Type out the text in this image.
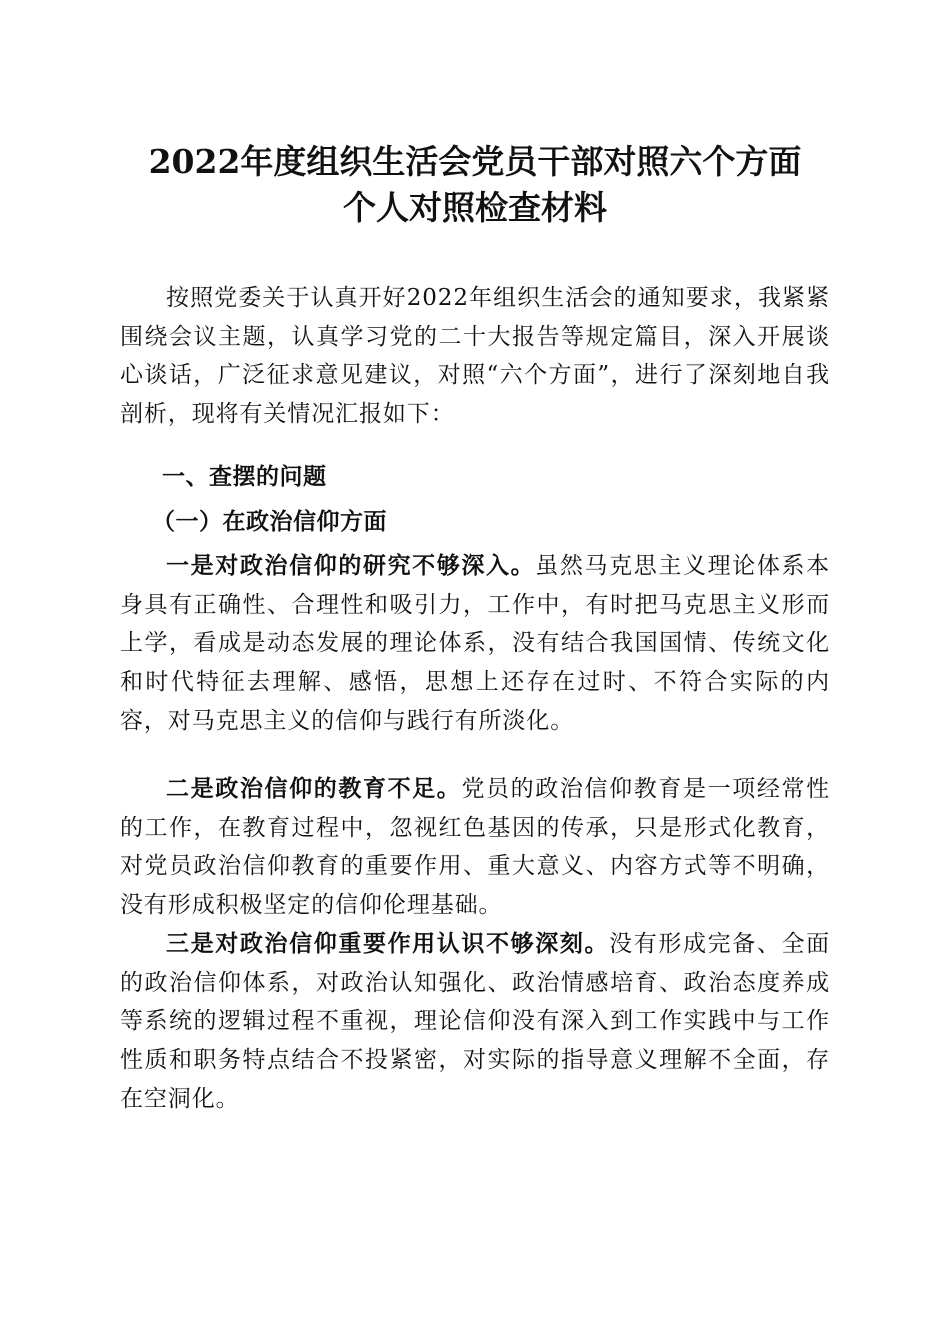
2022年度组织生活会党员干部对照六个方面
个人对照检查材料

按照党委关于认真开好2022年组织生活会的通知要求，我紧紧围绕会议主题，认真学习党的二十大报告等规定篇目，深入开展谈心谈话，广泛征求意见建议，对照“六个方面”，进行了深刻地自我剖析，现将有关情况汇报如下：

一、查摆的问题
（一）在政治信仰方面

一是对政治信仰的研究不够深入。虽然马克思主义理论体系本身具有正确性、合理性和吸引力，工作中，有时把马克思主义形而上学，看成是动态发展的理论体系，没有结合我国国情、传统文化和时代特征去理解、感悟，思想上还存在过时、不符合实际的内容，对马克思主义的信仰与践行有所淡化。

二是政治信仰的教育不足。党员的政治信仰教育是一项经常性的工作，在教育过程中，忽视红色基因的传承，只是形式化教育，对党员政治信仰教育的重要作用、重大意义、内容方式等不明确，没有形成积极坚定的信仰伦理基础。

三是对政治信仰重要作用认识不够深刻。没有形成完备、全面的政治信仰体系，对政治认知强化、政治情感培育、政治态度养成等系统的逻辑过程不重视，理论信仰没有深入到工作实践中与工作性质和职务特点结合不投紧密，对实际的指导意义理解不全面，存在空洞化。
